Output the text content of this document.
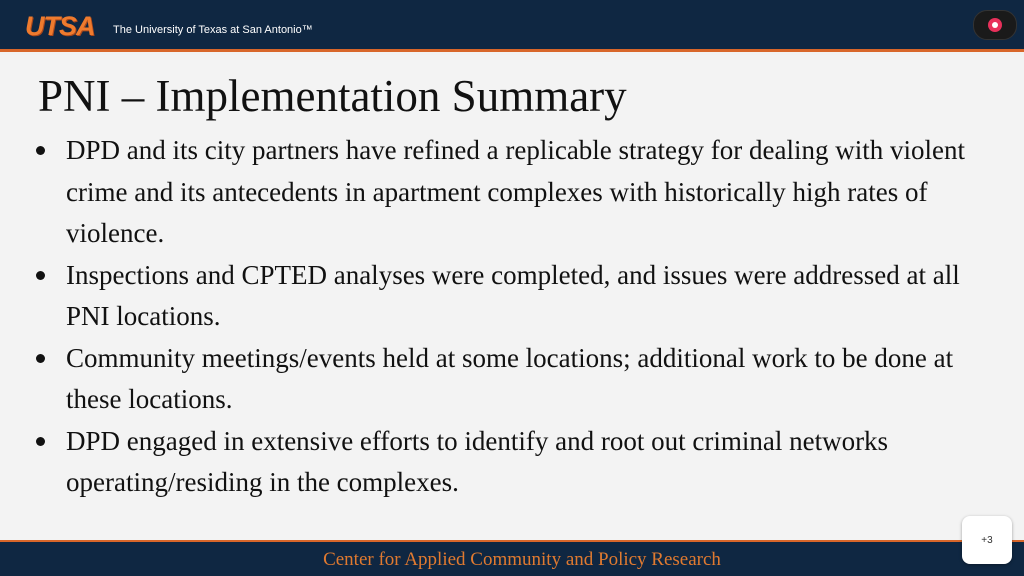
UTSA The University of Texas at San Antonio™
PNI – Implementation Summary
DPD and its city partners have refined a replicable strategy for dealing with violent crime and its antecedents in apartment complexes with historically high rates of violence.
Inspections and CPTED analyses were completed, and issues were addressed at all PNI locations.
Community meetings/events held at some locations; additional work to be done at these locations.
DPD engaged in extensive efforts to identify and root out criminal networks operating/residing in the complexes.
Center for Applied Community and Policy Research
+3
